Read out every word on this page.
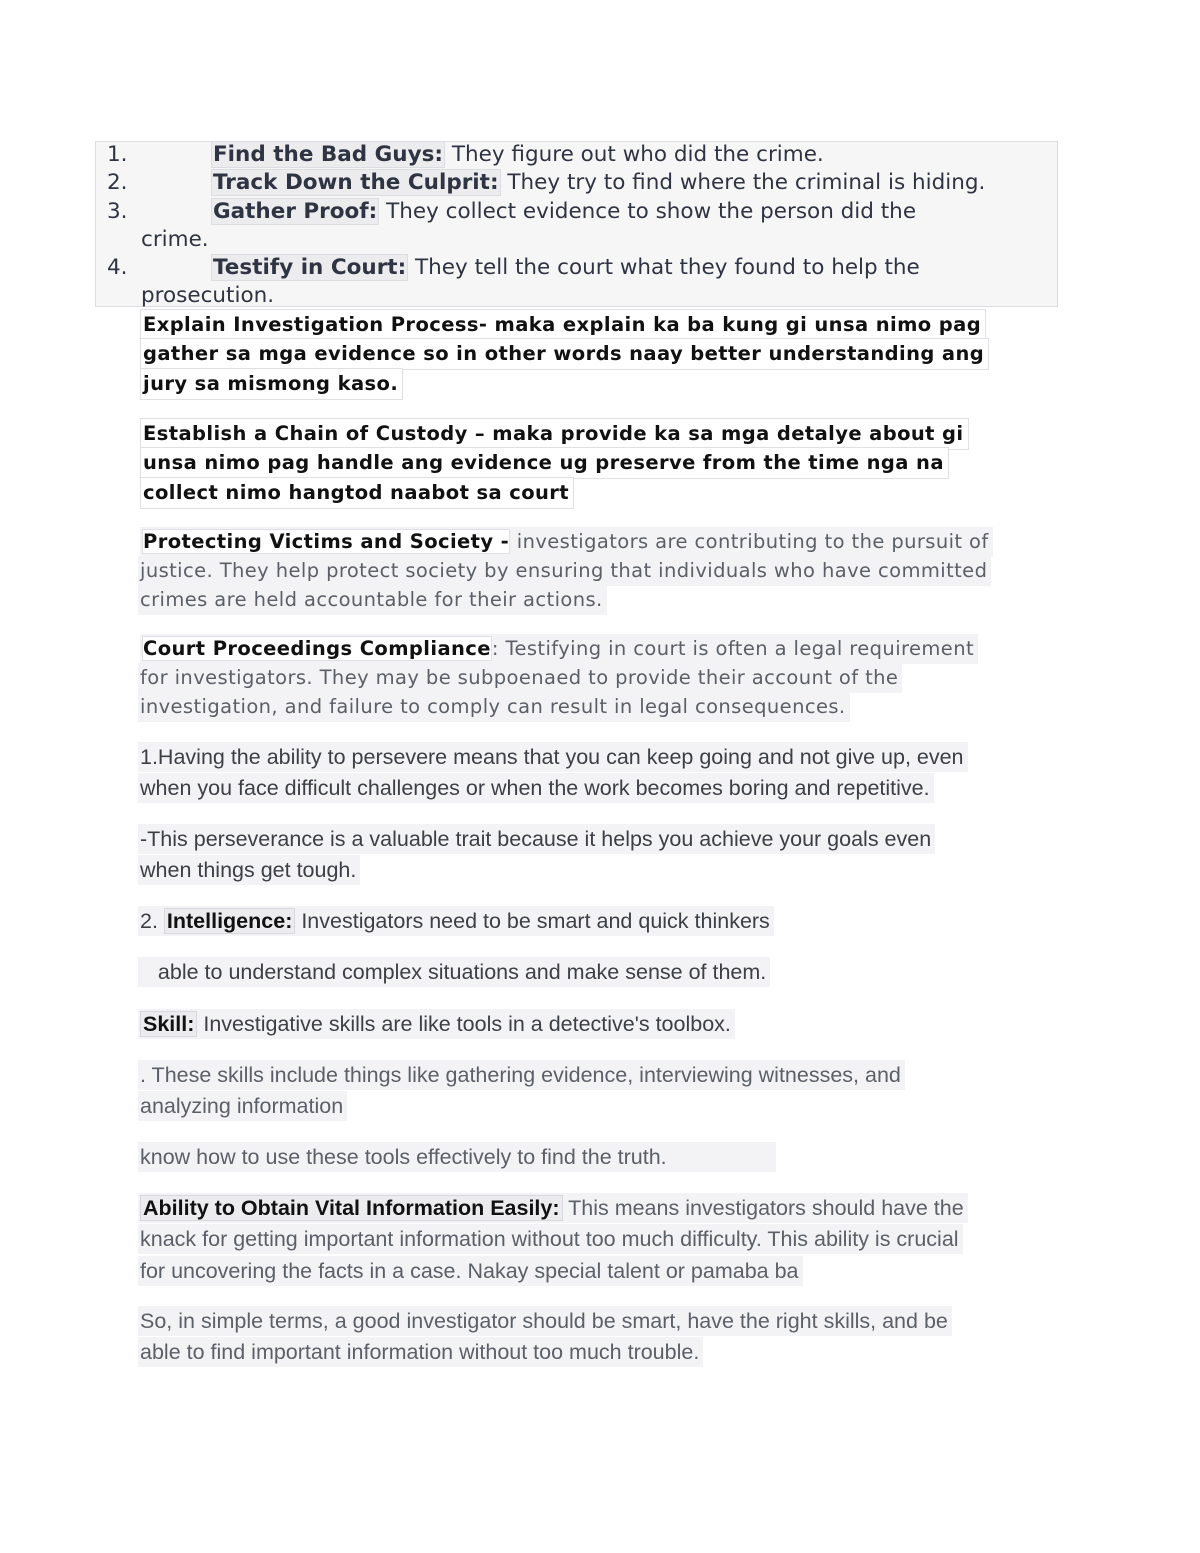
1.	Find the Bad Guys: They figure out who did the crime.
2.	Track Down the Culprit: They try to find where the criminal is hiding.
3.	Gather Proof: They collect evidence to show the person did the
crime.
4.	Testify in Court: They tell the court what they found to help the
prosecution.
Explain Investigation Process- maka explain ka ba kung gi unsa nimo pag
gather sa mga evidence so in other words naay better understanding ang
jury sa mismong kaso.
Establish a Chain of Custody – maka provide ka sa mga detalye about gi
unsa nimo pag handle ang evidence ug preserve from the time nga na
collect nimo hangtod naabot sa court
Protecting Victims and Society - investigators are contributing to the pursuit of
justice. They help protect society by ensuring that individuals who have committed
crimes are held accountable for their actions.
Court Proceedings Compliance: Testifying in court is often a legal requirement
for investigators. They may be subpoenaed to provide their account of the
investigation, and failure to comply can result in legal consequences.
1.Having the ability to persevere means that you can keep going and not give up, even
when you face difficult challenges or when the work becomes boring and repetitive.
-This perseverance is a valuable trait because it helps you achieve your goals even
when things get tough.
2. Intelligence: Investigators need to be smart and quick thinkers
able to understand complex situations and make sense of them.
Skill: Investigative skills are like tools in a detective's toolbox.
. These skills include things like gathering evidence, interviewing witnesses, and
analyzing information
know how to use these tools effectively to find the truth.
Ability to Obtain Vital Information Easily: This means investigators should have the
knack for getting important information without too much difficulty. This ability is crucial
for uncovering the facts in a case. Nakay special talent or pamaba ba
So, in simple terms, a good investigator should be smart, have the right skills, and be
able to find important information without too much trouble.
